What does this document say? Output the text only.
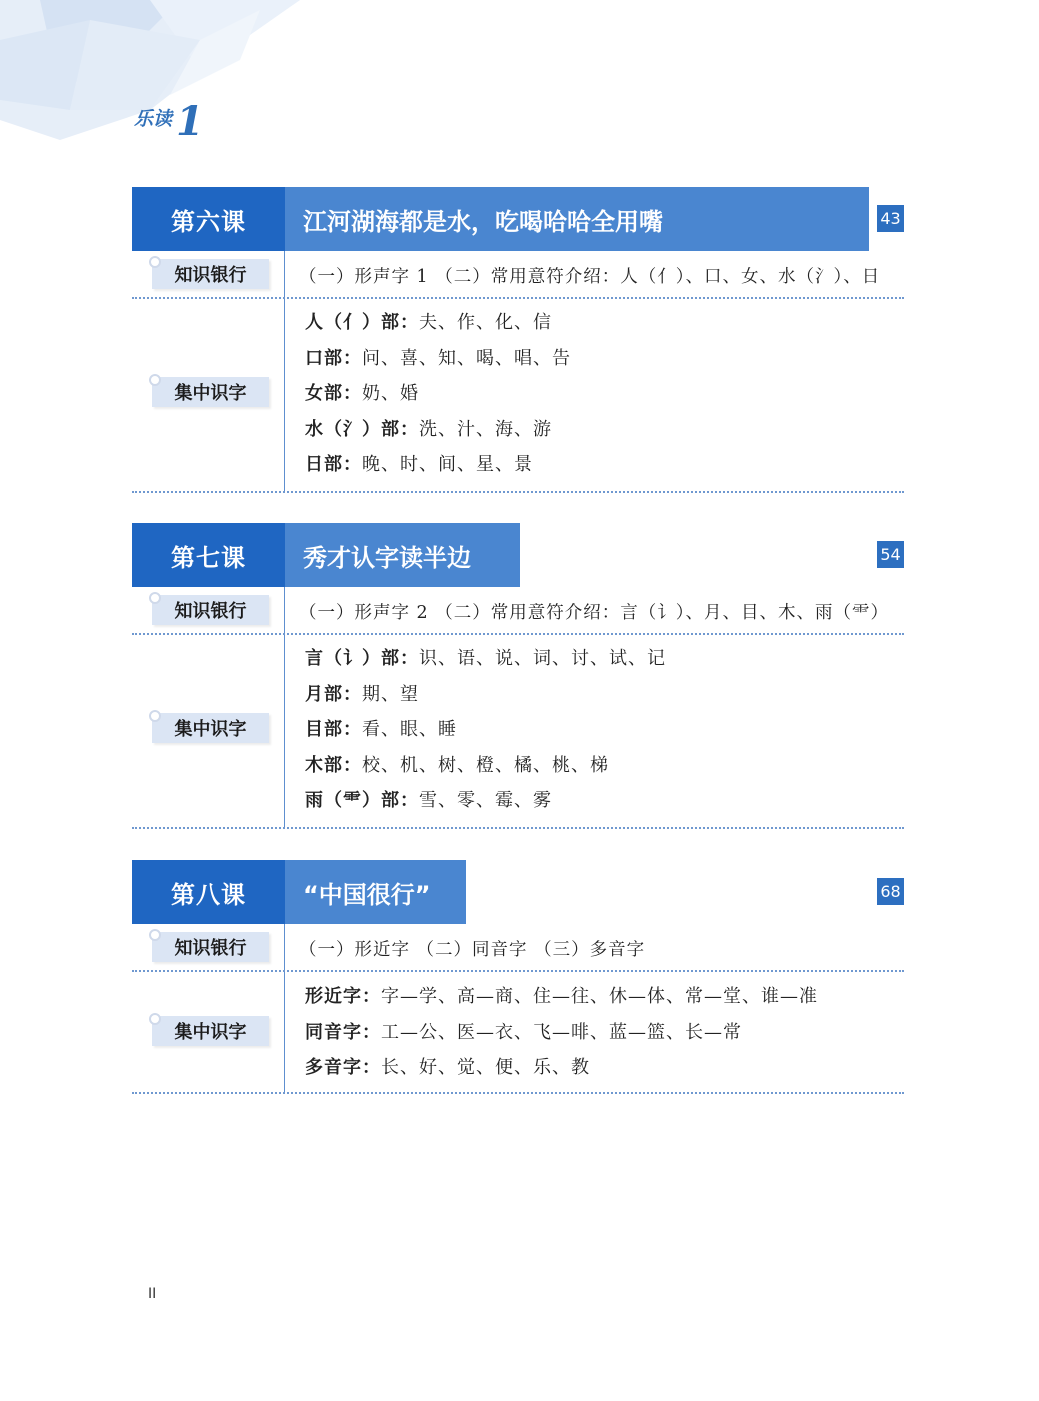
乐读 1
第六课	江河湖海都是水，吃喝哈哈全用嘴	43
知识银行	（一）形声字 1 （二）常用意符介绍：人（亻）、口、女、水（氵）、日
集中识字
人（亻）部：夫、作、化、信
口部：问、喜、知、喝、唱、告
女部：奶、婚
水（氵）部：洗、汁、海、游
日部：晚、时、间、星、景
第七课	秀才认字读半边	54
知识银行	（一）形声字 2 （二）常用意符介绍：言（讠）、月、目、木、雨（⻗）
集中识字
言（讠）部：识、语、说、词、讨、试、记
月部：期、望
目部：看、眼、睡
木部：校、机、树、橙、橘、桃、梯
雨（⻗）部：雪、零、霉、雾
第八课	“中国很行”	68
知识银行	（一）形近字 （二）同音字 （三）多音字
集中识字
形近字：字—学、高—商、住—往、休—体、常—堂、谁—准
同音字：工—公、医—衣、飞—啡、蓝—篮、长—常
多音字：长、好、觉、便、乐、教
II
